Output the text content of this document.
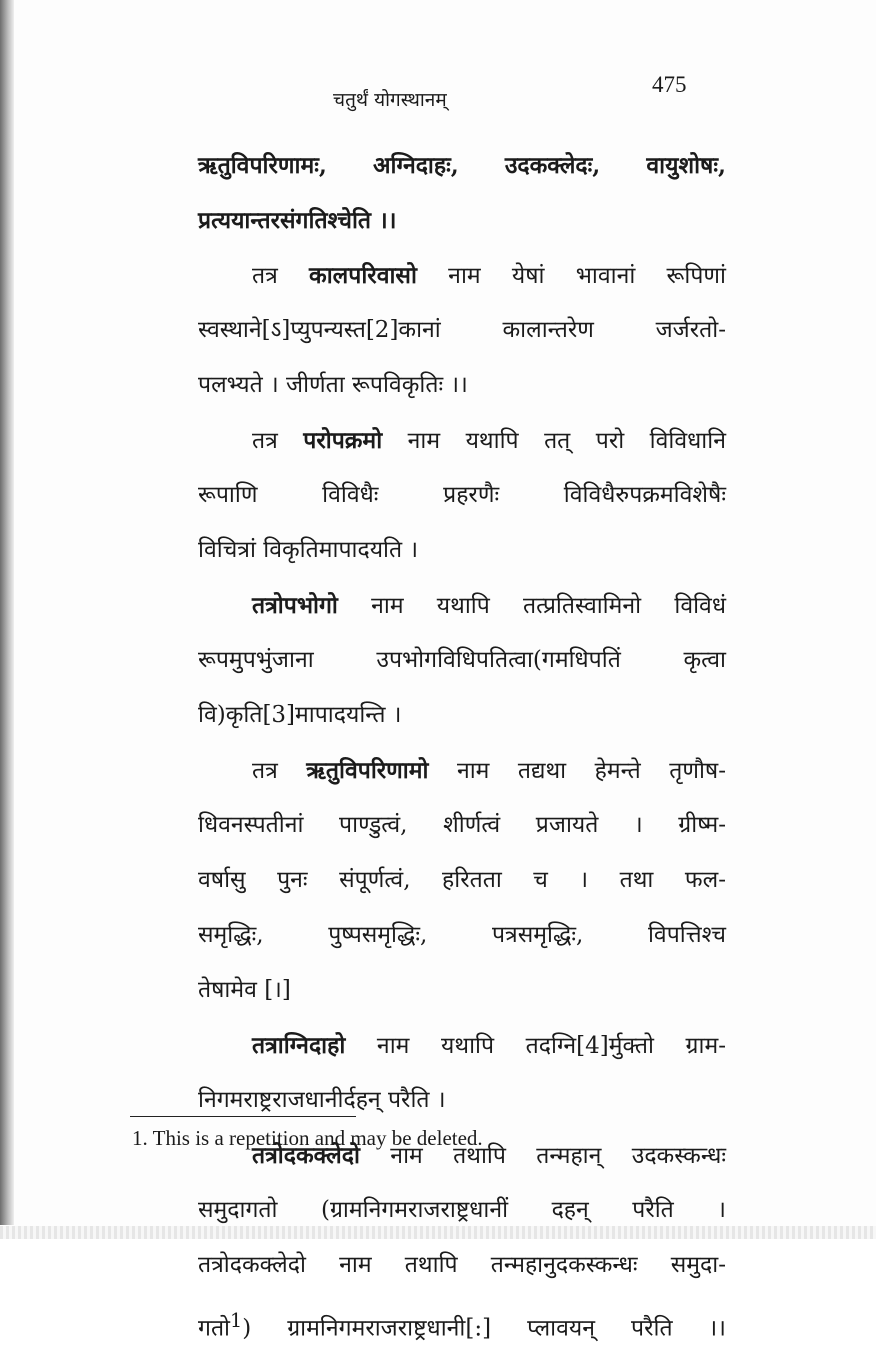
चतुर्थं योगस्थानम्
475
ऋतुविपरिणामः, अग्निदाहः, उदकक्लेदः, वायुशोषः,
प्रत्ययान्तरसंगतिश्चेति ।।
तत्र कालपरिवासो नाम येषां भावानां रूपिणां
स्वस्थाने[ऽ]प्युपन्यस्त[2]कानां कालान्तरेण जर्जरतो-
पलभ्यते । जीर्णता रूपविकृतिः ।।
तत्र परोपक्रमो नाम यथापि तत् परो विविधानि
रूपाणि विविधैः प्रहरणैः विविधैरुपक्रमविशेषैः
विचित्रां विकृतिमापादयति ।
तत्रोपभोगो नाम यथापि तत्प्रतिस्वामिनो विविधं
रूपमुपभुंजाना उपभोगविधिपतित्वा(गमधिपतिं कृत्वा
वि)कृति[3]मापादयन्ति ।
तत्र ऋतुविपरिणामो नाम तद्यथा हेमन्ते तृणौष-
धिवनस्पतीनां पाण्डुत्वं, शीर्णत्वं प्रजायते । ग्रीष्म-
वर्षासु पुनः संपूर्णत्वं, हरितता च । तथा फल-
समृद्धिः, पुष्पसमृद्धिः, पत्रसमृद्धिः, विपत्तिश्च
तेषामेव [।]
तत्राग्निदाहो नाम यथापि तदग्नि[4]र्मुक्तो ग्राम-
निगमराष्ट्रराजधानीर्दहन् परैति ।
तत्रोदकक्लेदो नाम तथापि तन्महान् उदकस्कन्धः
समुदागतो (ग्रामनिगमराजराष्ट्रधानीं दहन् परैति ।
तत्रोदकक्लेदो नाम तथापि तन्महानुदकस्कन्धः समुदा-
गतो$^1$) ग्रामनिगमराजराष्ट्रधानी[:] प्लावयन् परैति ।।
1. This is a repetition and may be deleted.
